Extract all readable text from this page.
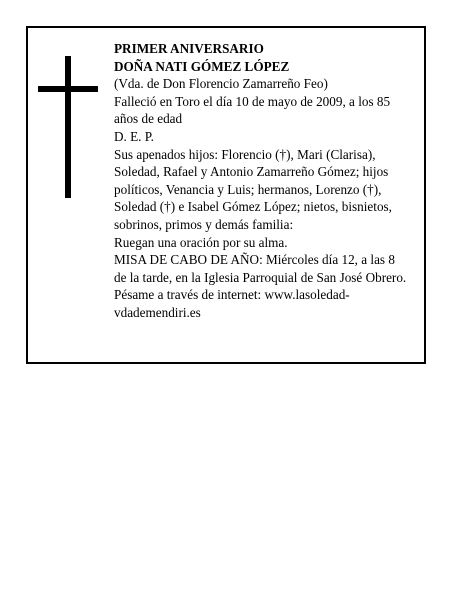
PRIMER ANIVERSARIO
DOÑA NATI GÓMEZ LÓPEZ
(Vda. de Don Florencio Zamarreño Feo)
Falleció en Toro el día 10 de mayo de 2009, a los 85
años de edad
D. E. P.
Sus apenados hijos: Florencio (†), Mari (Clarisa),
Soledad, Rafael y Antonio Zamarreño Gómez; hijos
políticos, Venancia y Luis; hermanos, Lorenzo (†),
Soledad (†) e Isabel Gómez López; nietos, bisnietos,
sobrinos, primos y demás familia:
Ruegan una oración por su alma.
MISA DE CABO DE AÑO: Miércoles día 12, a las 8
de la tarde, en la Iglesia Parroquial de San José Obrero.
Pésame a través de internet: www.lasoledad-
vdademendiri.es
